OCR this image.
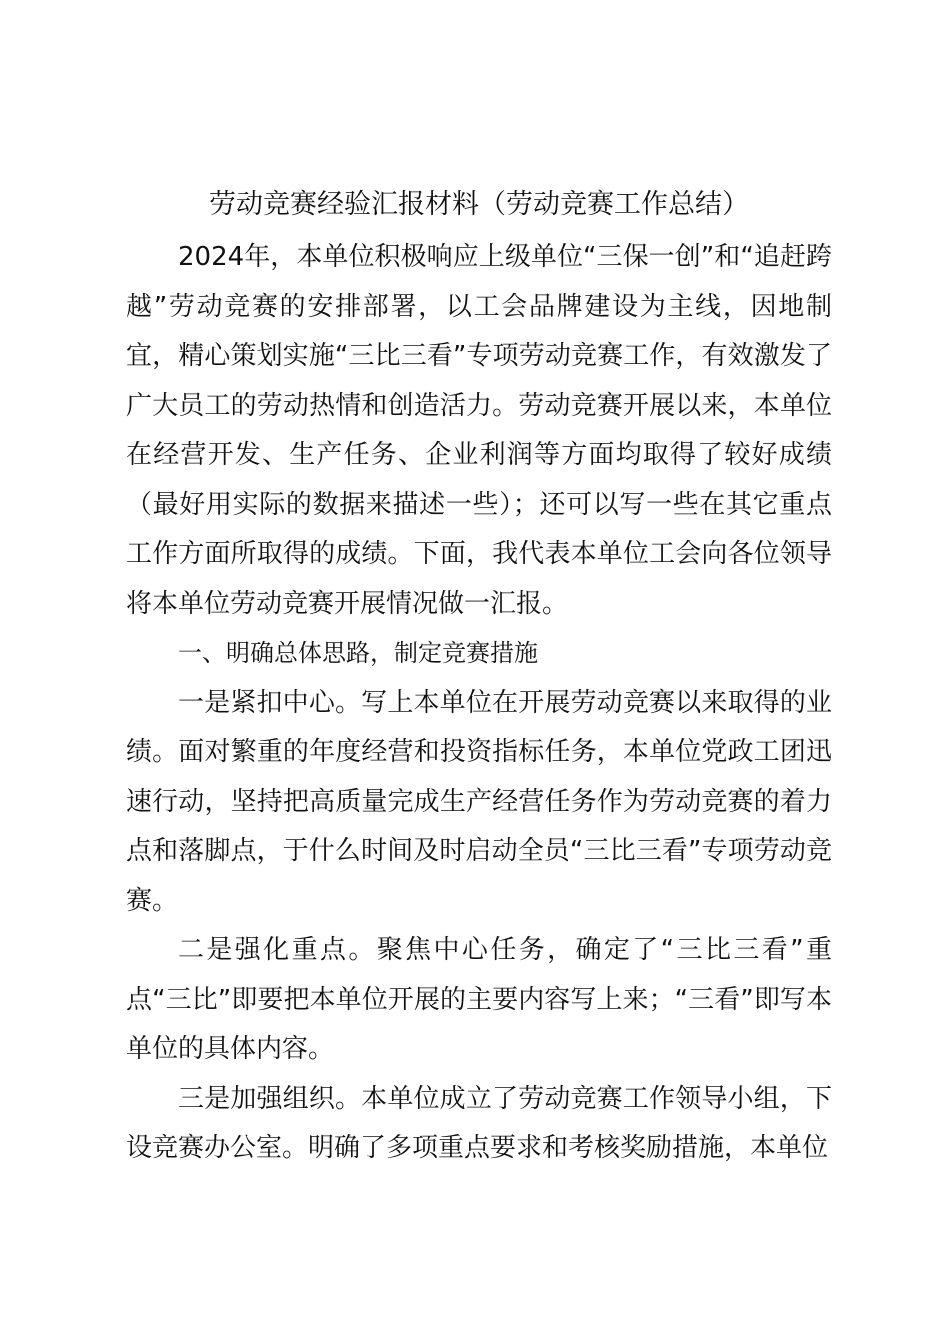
劳动竞赛经验汇报材料（劳动竞赛工作总结）

2024年，本单位积极响应上级单位“三保一创”和“追赶跨越”劳动竞赛的安排部署，以工会品牌建设为主线，因地制宜，精心策划实施“三比三看”专项劳动竞赛工作，有效激发了广大员工的劳动热情和创造活力。劳动竞赛开展以来，本单位在经营开发、生产任务、企业利润等方面均取得了较好成绩（最好用实际的数据来描述一些）；还可以写一些在其它重点工作方面所取得的成绩。下面，我代表本单位工会向各位领导将本单位劳动竞赛开展情况做一汇报。

一、明确总体思路，制定竞赛措施

一是紧扣中心。写上本单位在开展劳动竞赛以来取得的业绩。面对繁重的年度经营和投资指标任务，本单位党政工团迅速行动，坚持把高质量完成生产经营任务作为劳动竞赛的着力点和落脚点，于什么时间及时启动全员“三比三看”专项劳动竞赛。

二是强化重点。聚焦中心任务，确定了“三比三看”重点“三比”即要把本单位开展的主要内容写上来；“三看”即写本单位的具体内容。

三是加强组织。本单位成立了劳动竞赛工作领导小组，下设竞赛办公室。明确了多项重点要求和考核奖励措施，本单位
